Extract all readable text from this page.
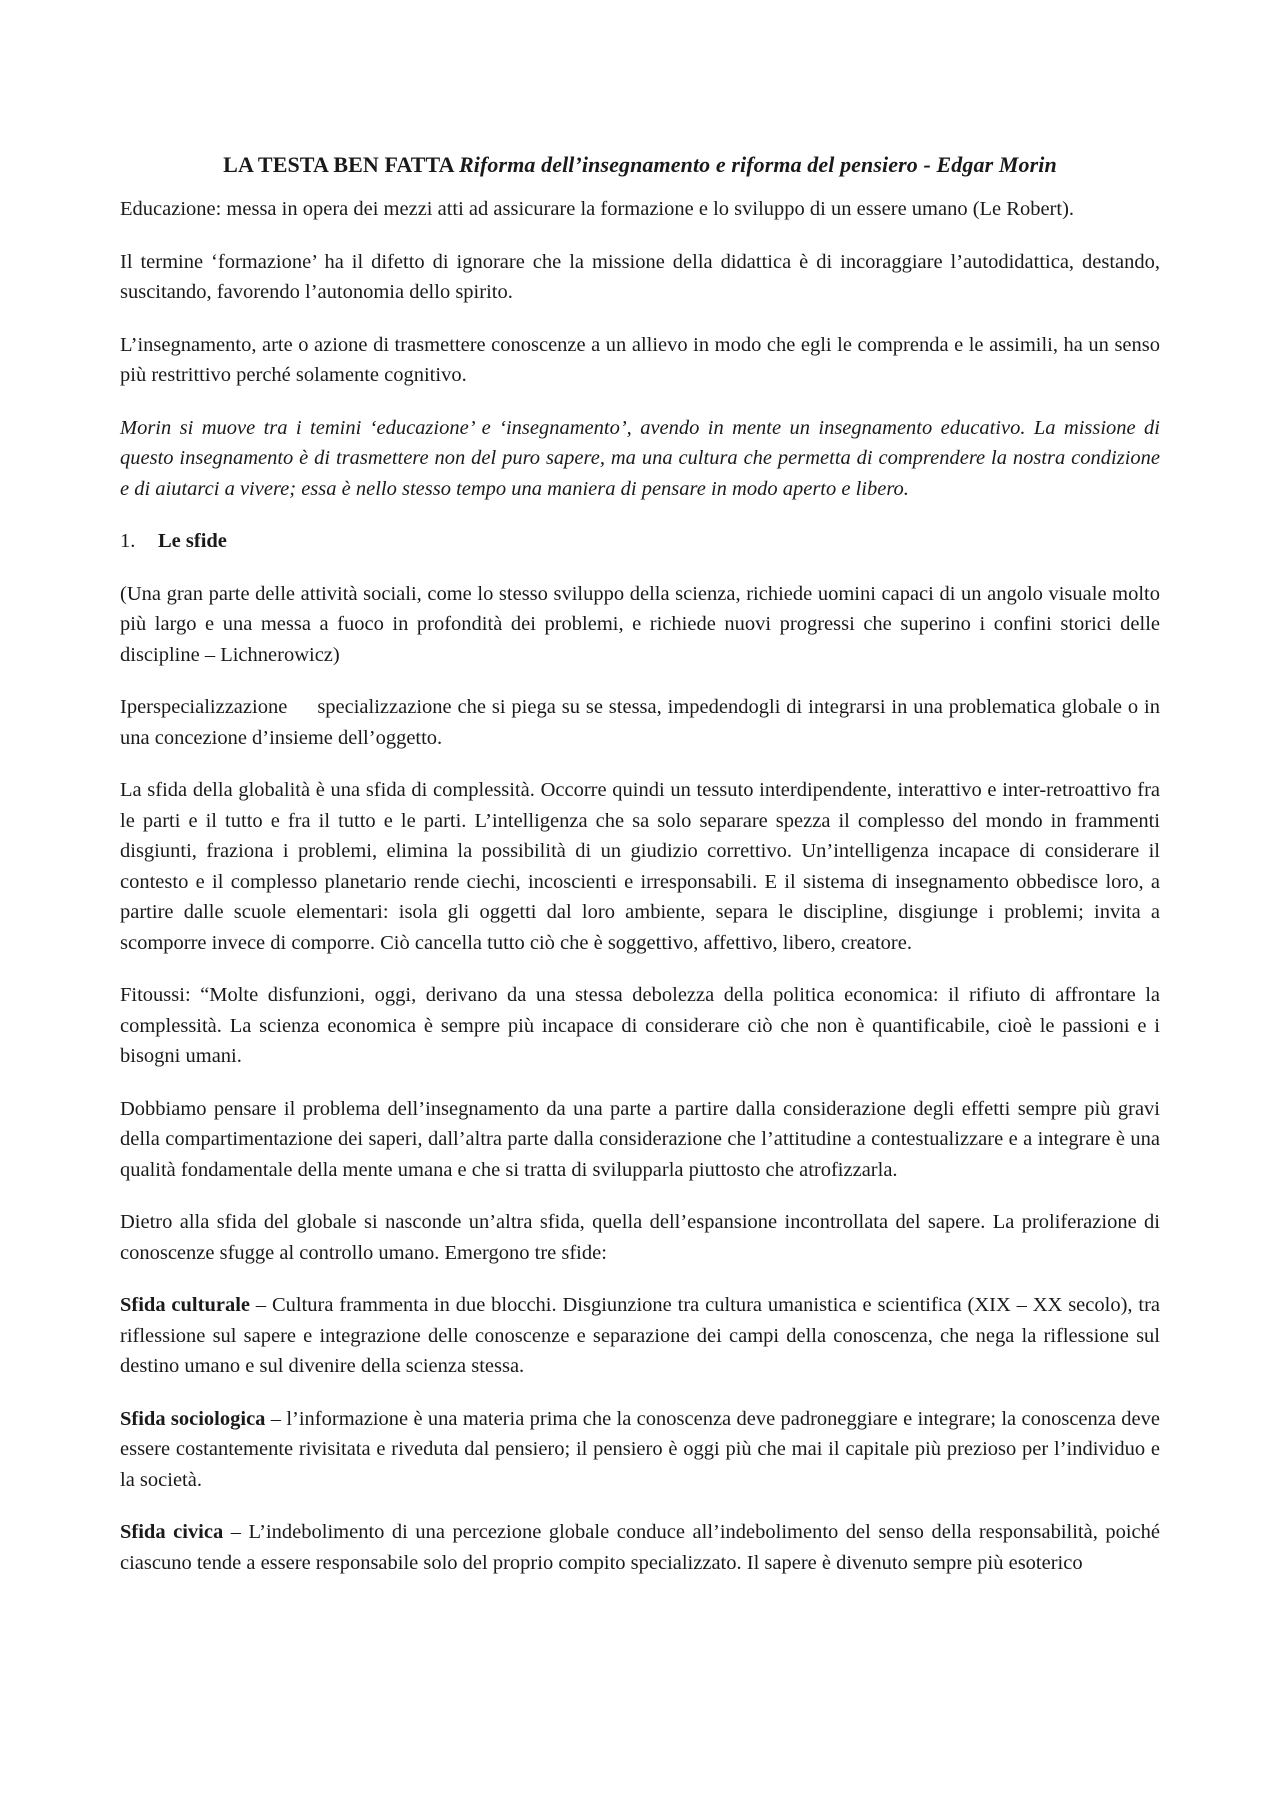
LA TESTA BEN FATTA Riforma dell’insegnamento e riforma del pensiero - Edgar Morin

Educazione: messa in opera dei mezzi atti ad assicurare la formazione e lo sviluppo di un essere umano (Le Robert).

Il termine ‘formazione’ ha il difetto di ignorare che la missione della didattica è di incoraggiare l’autodidattica, destando, suscitando, favorendo l’autonomia dello spirito.

L’insegnamento, arte o azione di trasmettere conoscenze a un allievo in modo che egli le comprenda e le assimili, ha un senso più restrittivo perché solamente cognitivo.

Morin si muove tra i temini ‘educazione’ e ‘insegnamento’, avendo in mente un insegnamento educativo. La missione di questo insegnamento è di trasmettere non del puro sapere, ma una cultura che permetta di comprendere la nostra condizione e di aiutarci a vivere; essa è nello stesso tempo una maniera di pensare in modo aperto e libero.

1.	Le sfide

(Una gran parte delle attività sociali, come lo stesso sviluppo della scienza, richiede uomini capaci di un angolo visuale molto più largo e una messa a fuoco in profondità dei problemi, e richiede nuovi progressi che superino i confini storici delle discipline – Lichnerowicz)

Iperspecializzazione specializzazione che si piega su se stessa, impedendogli di integrarsi in una problematica globale o in una concezione d’insieme dell’oggetto.

La sfida della globalità è una sfida di complessità. Occorre quindi un tessuto interdipendente, interattivo e inter-retroattivo fra le parti e il tutto e fra il tutto e le parti. L’intelligenza che sa solo separare spezza il complesso del mondo in frammenti disgiunti, fraziona i problemi, elimina la possibilità di un giudizio correttivo. Un’intelligenza incapace di considerare il contesto e il complesso planetario rende ciechi, incoscienti e irresponsabili. E il sistema di insegnamento obbedisce loro, a partire dalle scuole elementari: isola gli oggetti dal loro ambiente, separa le discipline, disgiunge i problemi; invita a scomporre invece di comporre. Ciò cancella tutto ciò che è soggettivo, affettivo, libero, creatore.

Fitoussi: “Molte disfunzioni, oggi, derivano da una stessa debolezza della politica economica: il rifiuto di affrontare la complessità. La scienza economica è sempre più incapace di considerare ciò che non è quantificabile, cioè le passioni e i bisogni umani.

Dobbiamo pensare il problema dell’insegnamento da una parte a partire dalla considerazione degli effetti sempre più gravi della compartimentazione dei saperi, dall’altra parte dalla considerazione che l’attitudine a contestualizzare e a integrare è una qualità fondamentale della mente umana e che si tratta di svilupparla piuttosto che atrofizzarla.

Dietro alla sfida del globale si nasconde un’altra sfida, quella dell’espansione incontrollata del sapere. La proliferazione di conoscenze sfugge al controllo umano. Emergono tre sfide:

Sfida culturale – Cultura frammenta in due blocchi. Disgiunzione tra cultura umanistica e scientifica (XIX – XX secolo), tra riflessione sul sapere e integrazione delle conoscenze e separazione dei campi della conoscenza, che nega la riflessione sul destino umano e sul divenire della scienza stessa.

Sfida sociologica – l’informazione è una materia prima che la conoscenza deve padroneggiare e integrare; la conoscenza deve essere costantemente rivisitata e riveduta dal pensiero; il pensiero è oggi più che mai il capitale più prezioso per l’individuo e la società.

Sfida civica – L’indebolimento di una percezione globale conduce all’indebolimento del senso della responsabilità, poiché ciascuno tende a essere responsabile solo del proprio compito specializzato. Il sapere è divenuto sempre più esoterico
